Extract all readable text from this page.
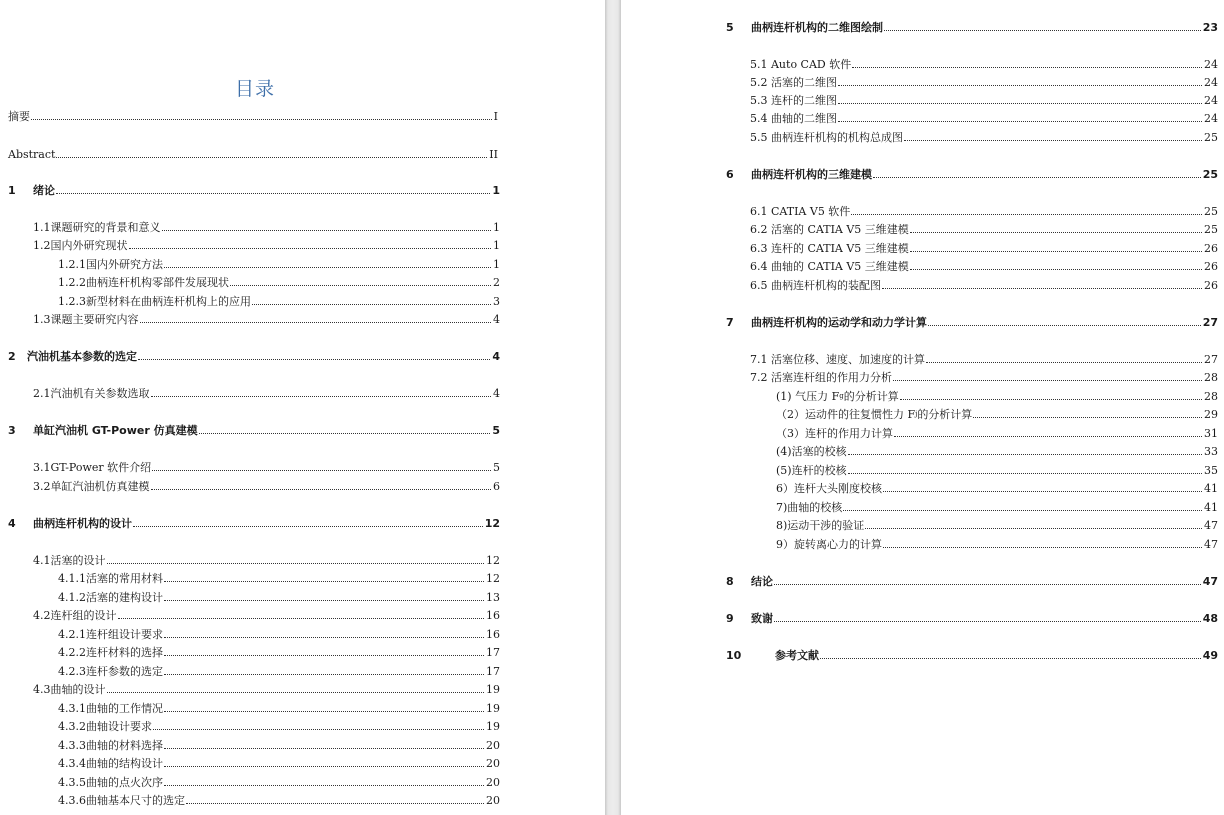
目录
摘要	I
Abstract	II
1	绪论	1
1.1课题研究的背景和意义	1
1.2国内外研究现状	1
1.2.1国内外研究方法	1
1.2.2曲柄连杆机构零部件发展现状	2
1.2.3新型材料在曲柄连杆机构上的应用	3
1.3课题主要研究内容	4
2	汽油机基本参数的选定	4
2.1汽油机有关参数选取	4
3	单缸汽油机 GT-Power 仿真建模	5
3.1GT-Power 软件介绍	5
3.2单缸汽油机仿真建模	6
4	曲柄连杆机构的设计	12
4.1活塞的设计	12
4.1.1活塞的常用材料	12
4.1.2活塞的建构设计	13
4.2连杆组的设计	16
4.2.1连杆组设计要求	16
4.2.2连杆材料的选择	17
4.2.3连杆参数的选定	17
4.3曲轴的设计	19
4.3.1曲轴的工作情况	19
4.3.2曲轴设计要求	19
4.3.3曲轴的材料选择	20
4.3.4曲轴的结构设计	20
4.3.5曲轴的点火次序	20
4.3.6曲轴基本尺寸的选定	20
5	曲柄连杆机构的二维图绘制	23
5.1 Auto CAD 软件	24
5.2 活塞的二维图	24
5.3 连杆的二维图	24
5.4 曲轴的二维图	24
5.5 曲柄连杆机构的机构总成图	25
6	曲柄连杆机构的三维建模	25
6.1 CATIA V5 软件	25
6.2 活塞的 CATIA V5 三维建模	25
6.3 连杆的 CATIA V5 三维建模	26
6.4 曲轴的 CATIA V5 三维建模	26
6.5 曲柄连杆机构的装配图	26
7	曲柄连杆机构的运动学和动力学计算	27
7.1 活塞位移、速度、加速度的计算	27
7.2 活塞连杆组的作用力分析	28
(1) 气压力 F g 的分析计算	28
（2）运动件的往复惯性力 F j 的分析计算	29
（3）连杆的作用力计算	31
(4)活塞的校核	33
(5)连杆的校核	35
6）连杆大头刚度校核	41
7)曲轴的校核	41
8)运动干涉的验证	47
9）旋转离心力的计算	47
8	结论	47
9	致谢	48
10	参考文献	49
